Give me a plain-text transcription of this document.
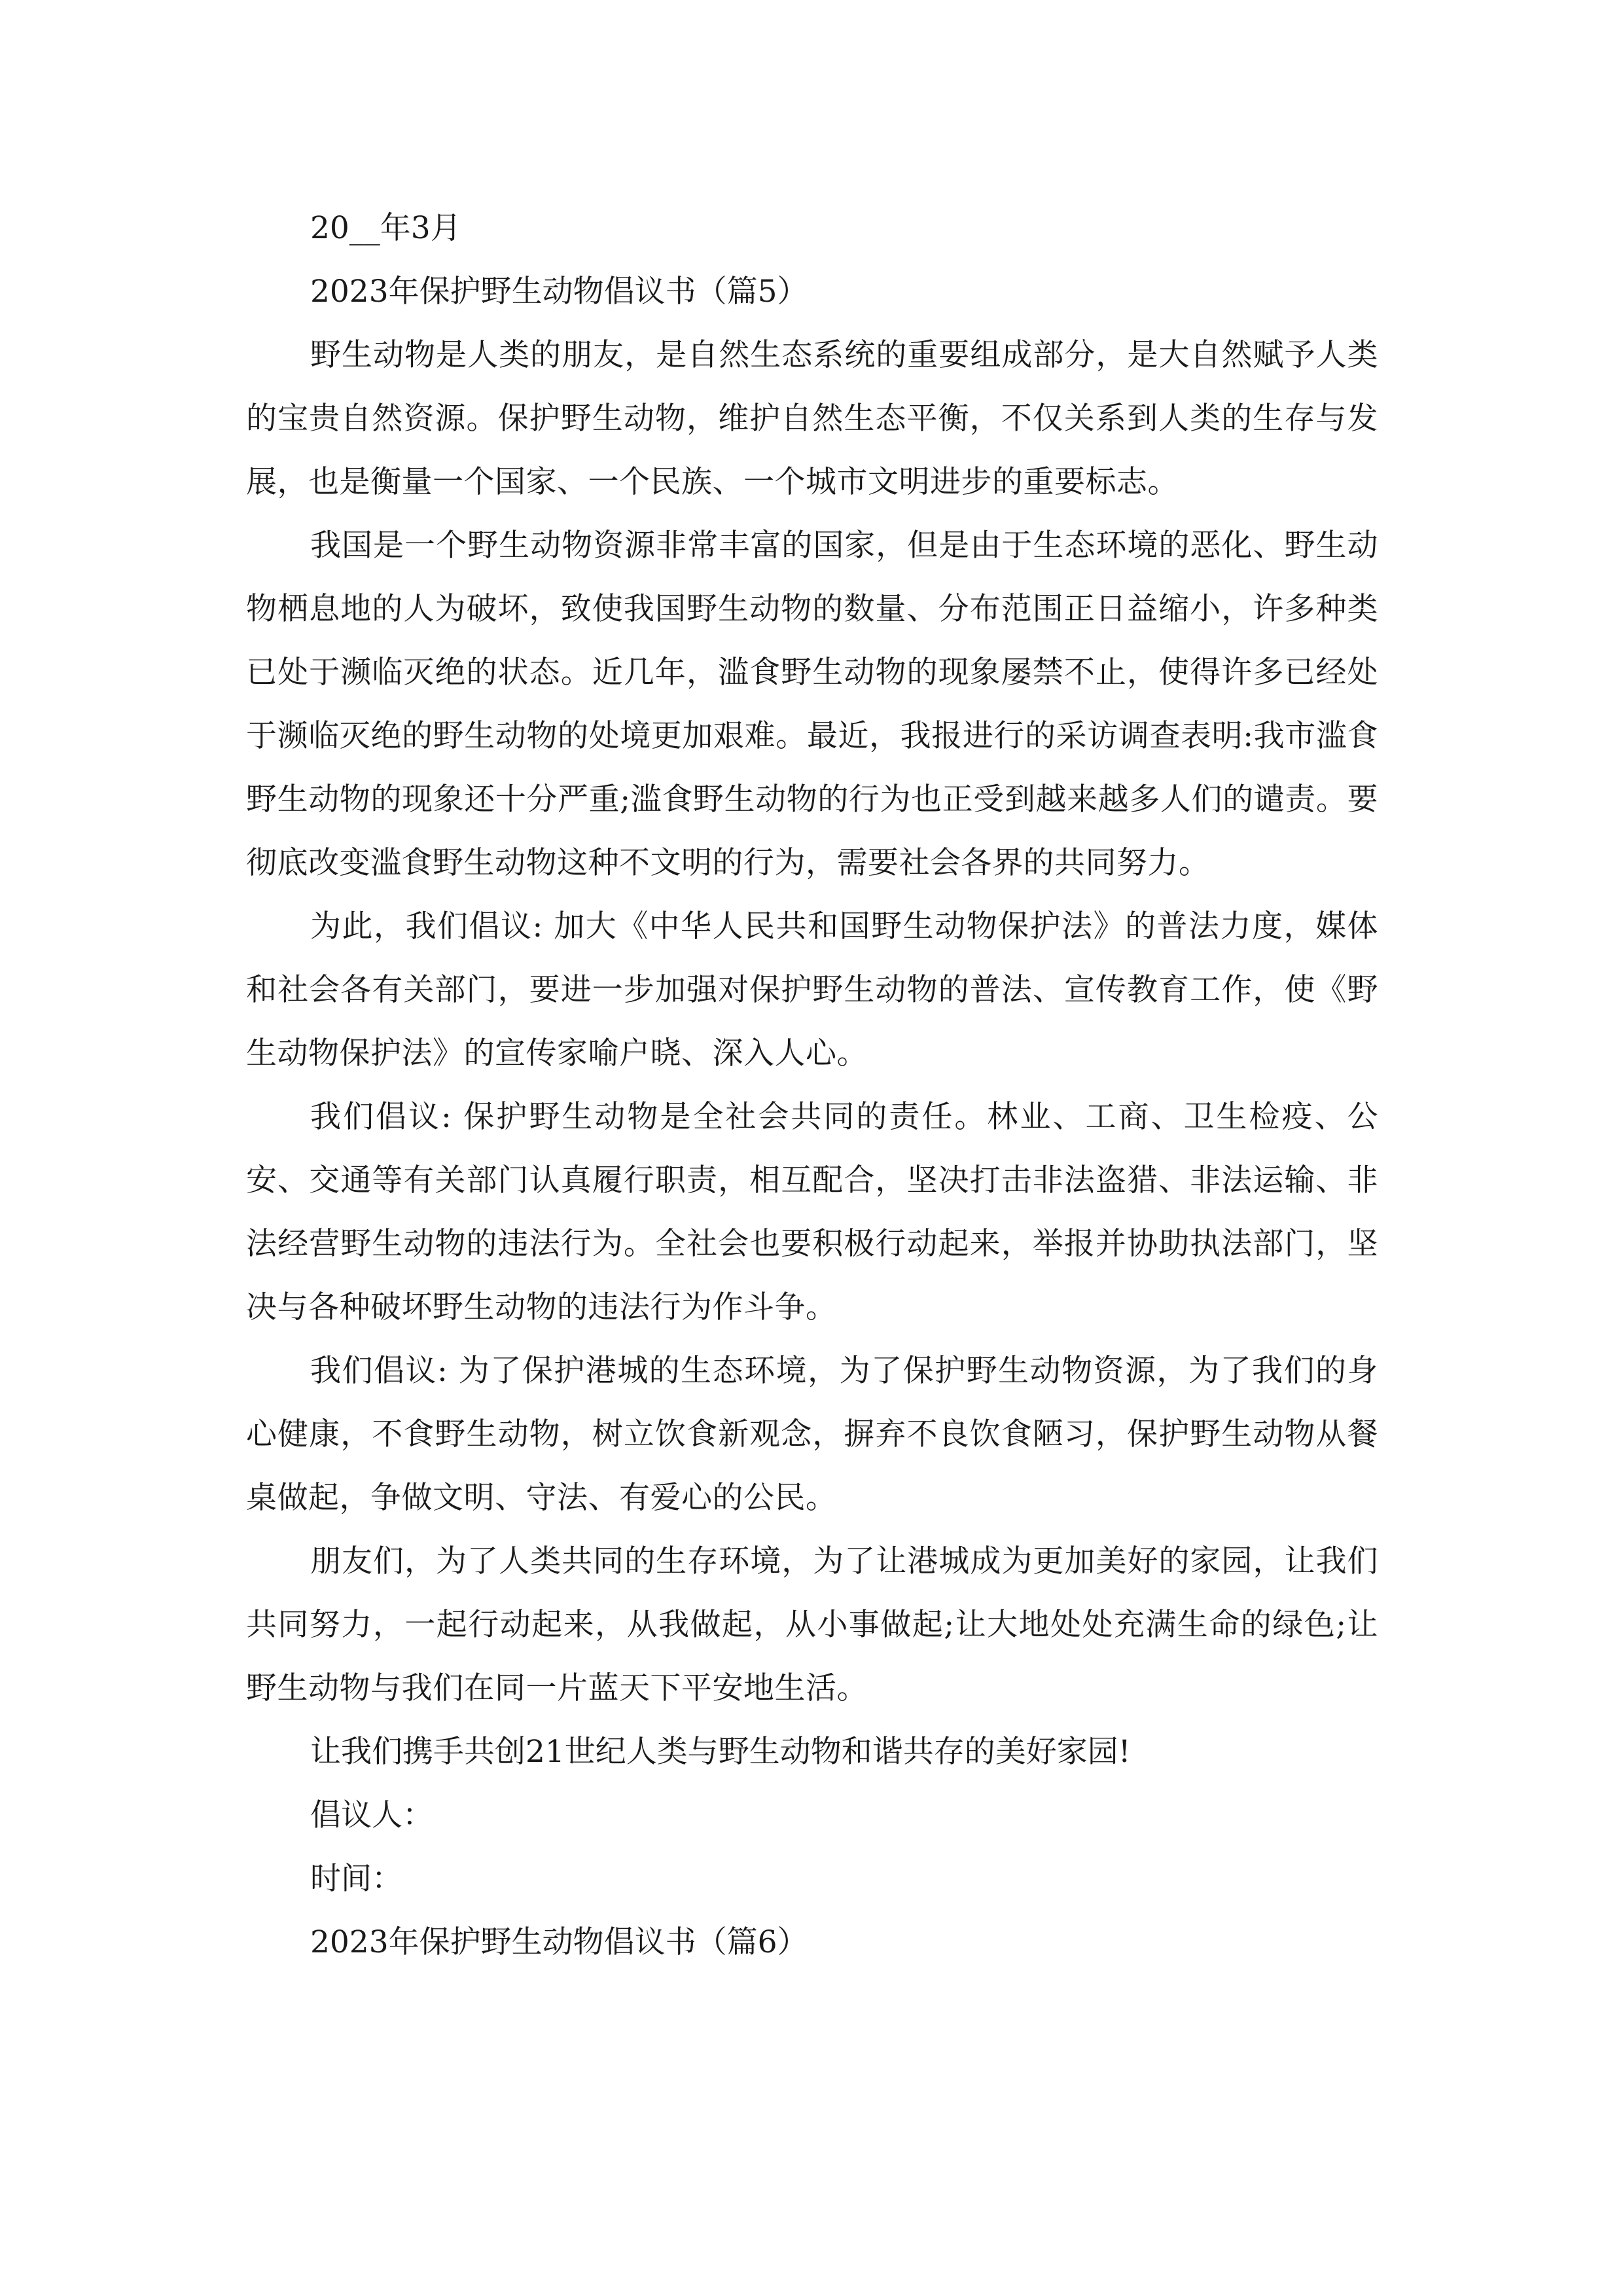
20__年3月

2023年保护野生动物倡议书（篇5）

野生动物是人类的朋友，是自然生态系统的重要组成部分，是大自然赋予人类的宝贵自然资源。保护野生动物，维护自然生态平衡，不仅关系到人类的生存与发展，也是衡量一个国家、一个民族、一个城市文明进步的重要标志。

我国是一个野生动物资源非常丰富的国家，但是由于生态环境的恶化、野生动物栖息地的人为破坏，致使我国野生动物的数量、分布范围正日益缩小，许多种类已处于濒临灭绝的状态。近几年，滥食野生动物的现象屡禁不止，使得许多已经处于濒临灭绝的野生动物的处境更加艰难。最近，我报进行的采访调查表明:我市滥食野生动物的现象还十分严重;滥食野生动物的行为也正受到越来越多人们的谴责。要彻底改变滥食野生动物这种不文明的行为，需要社会各界的共同努力。

为此，我们倡议: 加大《中华人民共和国野生动物保护法》的普法力度，媒体和社会各有关部门，要进一步加强对保护野生动物的普法、宣传教育工作，使《野生动物保护法》的宣传家喻户晓、深入人心。

我们倡议: 保护野生动物是全社会共同的责任。林业、工商、卫生检疫、公安、交通等有关部门认真履行职责，相互配合，坚决打击非法盗猎、非法运输、非法经营野生动物的违法行为。全社会也要积极行动起来，举报并协助执法部门，坚决与各种破坏野生动物的违法行为作斗争。

我们倡议: 为了保护港城的生态环境，为了保护野生动物资源，为了我们的身心健康，不食野生动物，树立饮食新观念，摒弃不良饮食陋习，保护野生动物从餐桌做起，争做文明、守法、有爱心的公民。

朋友们，为了人类共同的生存环境，为了让港城成为更加美好的家园，让我们共同努力，一起行动起来，从我做起，从小事做起;让大地处处充满生命的绿色;让野生动物与我们在同一片蓝天下平安地生活。

让我们携手共创21世纪人类与野生动物和谐共存的美好家园!

倡议人：

时间：

2023年保护野生动物倡议书（篇6）
